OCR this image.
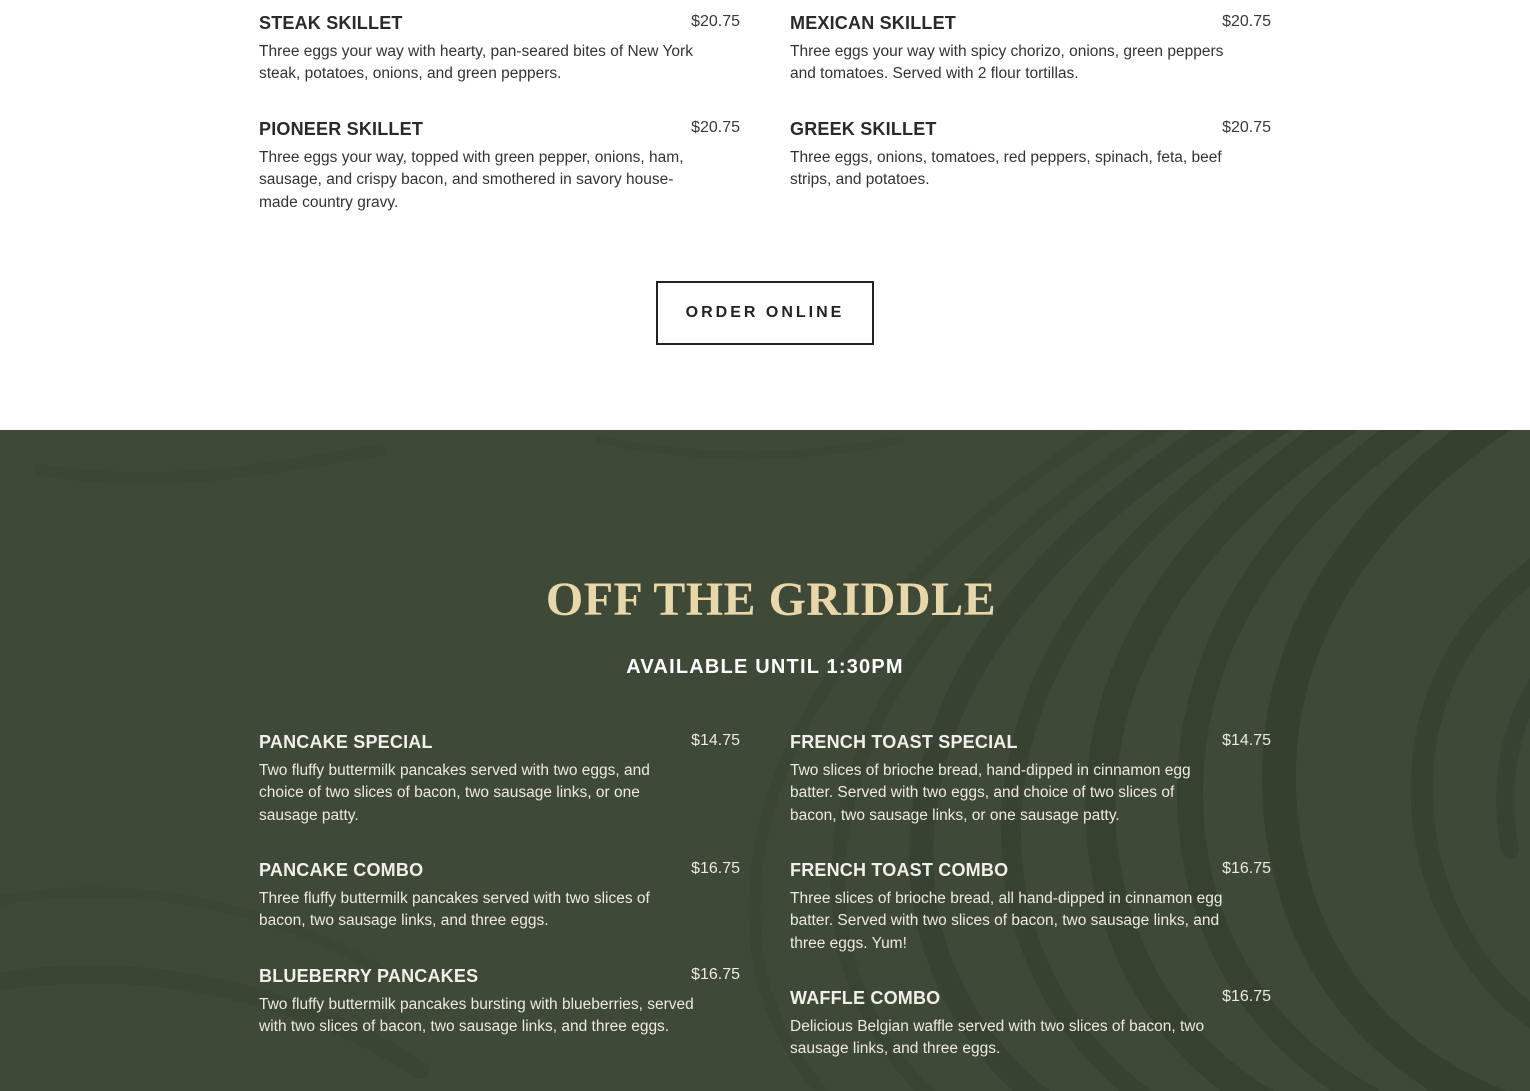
STEAK SKILLET	$20.75
Three eggs your way with hearty, pan-seared bites of New York steak, potatoes, onions, and green peppers.
MEXICAN SKILLET	$20.75
Three eggs your way with spicy chorizo, onions, green peppers and tomatoes. Served with 2 flour tortillas.
PIONEER SKILLET	$20.75
Three eggs your way, topped with green pepper, onions, ham, sausage, and crispy bacon, and smothered in savory house-made country gravy.
GREEK SKILLET	$20.75
Three eggs, onions, tomatoes, red peppers, spinach, feta, beef strips, and potatoes.
ORDER ONLINE
OFF THE GRIDDLE
AVAILABLE UNTIL 1:30PM
PANCAKE SPECIAL	$14.75
Two fluffy buttermilk pancakes served with two eggs, and choice of two slices of bacon, two sausage links, or one sausage patty.
FRENCH TOAST SPECIAL	$14.75
Two slices of brioche bread, hand-dipped in cinnamon egg batter. Served with two eggs, and choice of two slices of bacon, two sausage links, or one sausage patty.
PANCAKE COMBO	$16.75
Three fluffy buttermilk pancakes served with two slices of bacon, two sausage links, and three eggs.
FRENCH TOAST COMBO	$16.75
Three slices of brioche bread, all hand-dipped in cinnamon egg batter. Served with two slices of bacon, two sausage links, and three eggs. Yum!
BLUEBERRY PANCAKES	$16.75
Two fluffy buttermilk pancakes bursting with blueberries, served with two slices of bacon, two sausage links, and three eggs.
WAFFLE COMBO	$16.75
Delicious Belgian waffle served with two slices of bacon, two sausage links, and three eggs.
